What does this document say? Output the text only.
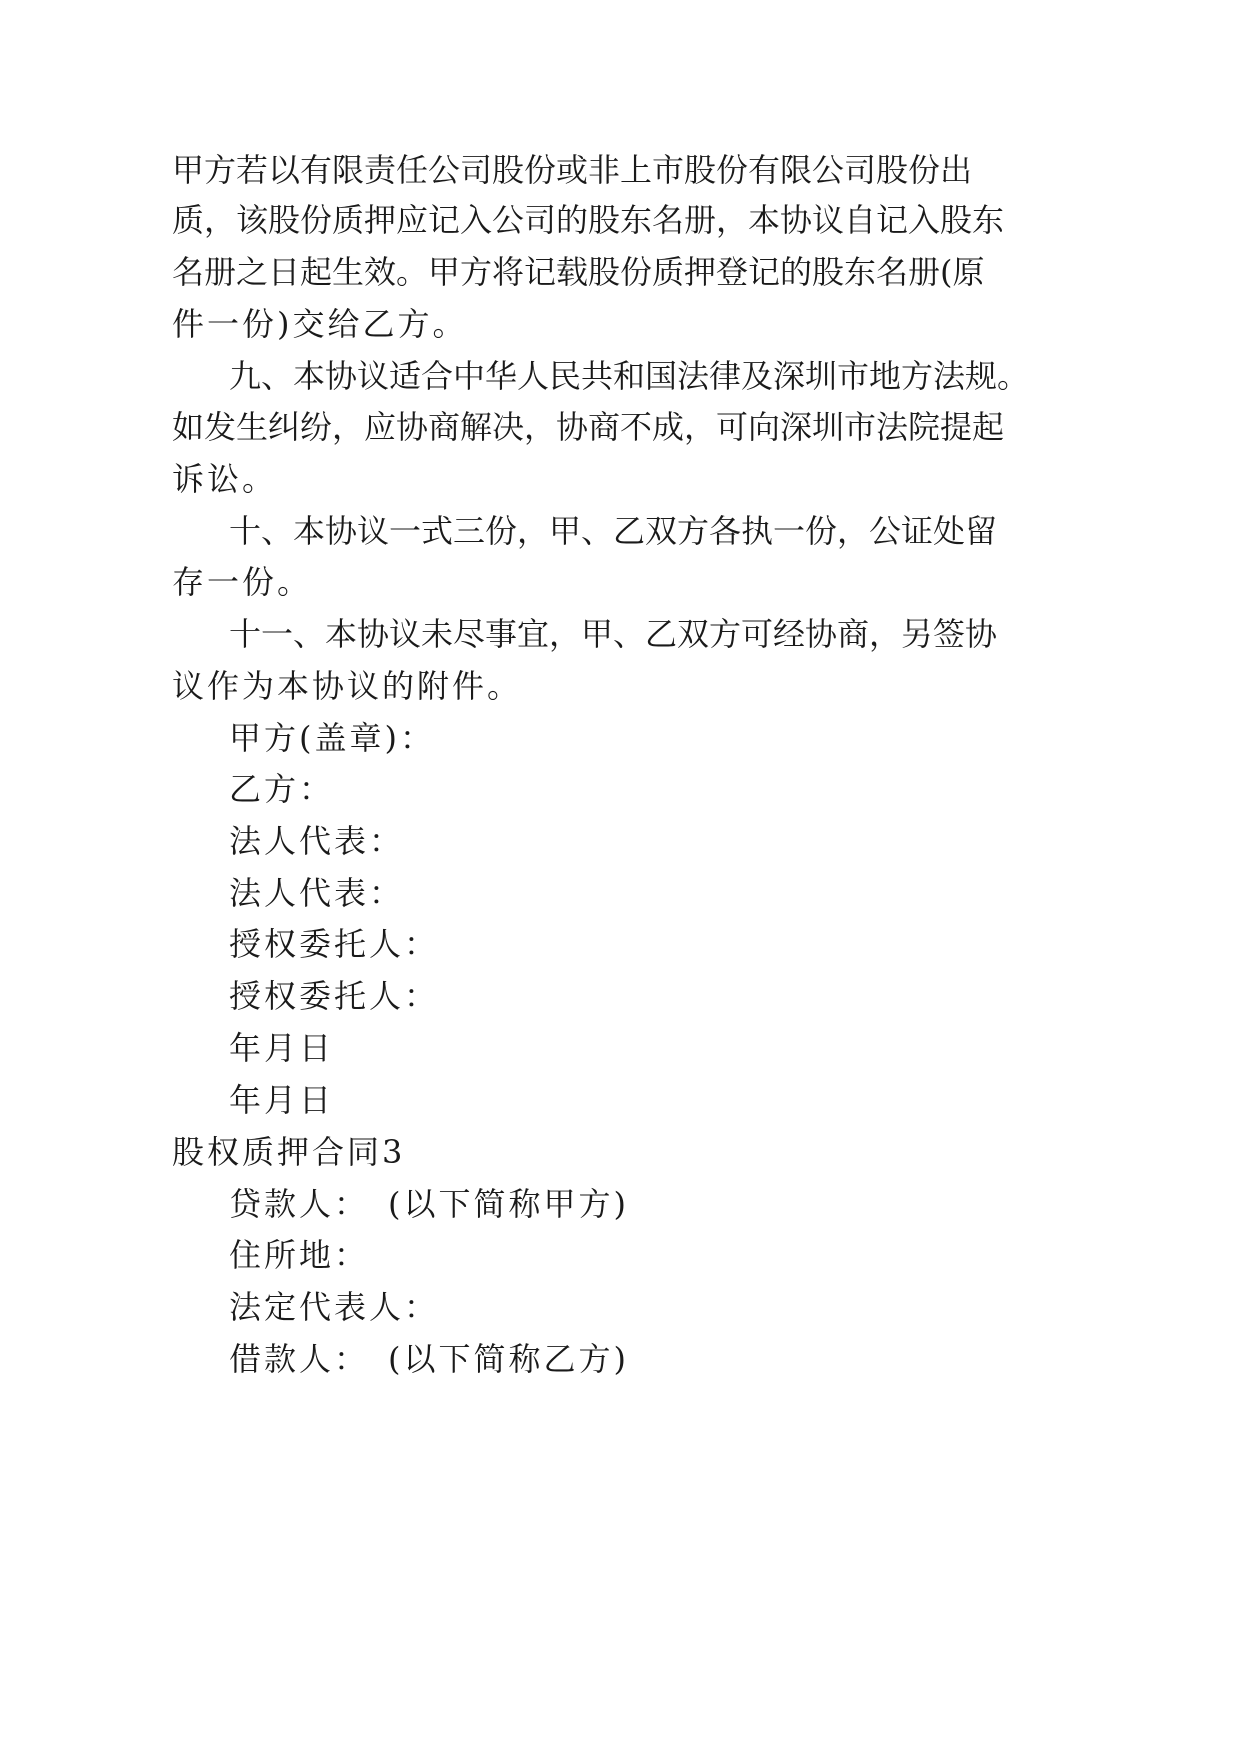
甲方若以有限责任公司股份或非上市股份有限公司股份出
质，该股份质押应记入公司的股东名册，本协议自记入股东
名册之日起生效。甲方将记载股份质押登记的股东名册(原
件一份)交给乙方。
九、本协议适合中华人民共和国法律及深圳市地方法规。
如发生纠纷，应协商解决，协商不成，可向深圳市法院提起
诉讼。
十、本协议一式三份，甲、乙双方各执一份，公证处留
存一份。
十一、本协议未尽事宜，甲、乙双方可经协商，另签协
议作为本协议的附件。
甲方(盖章)：
乙方：
法人代表：
法人代表：
授权委托人：
授权委托人：
年月日
年月日
股权质押合同3
贷款人：　(以下简称甲方)
住所地：
法定代表人：
借款人：　(以下简称乙方)
